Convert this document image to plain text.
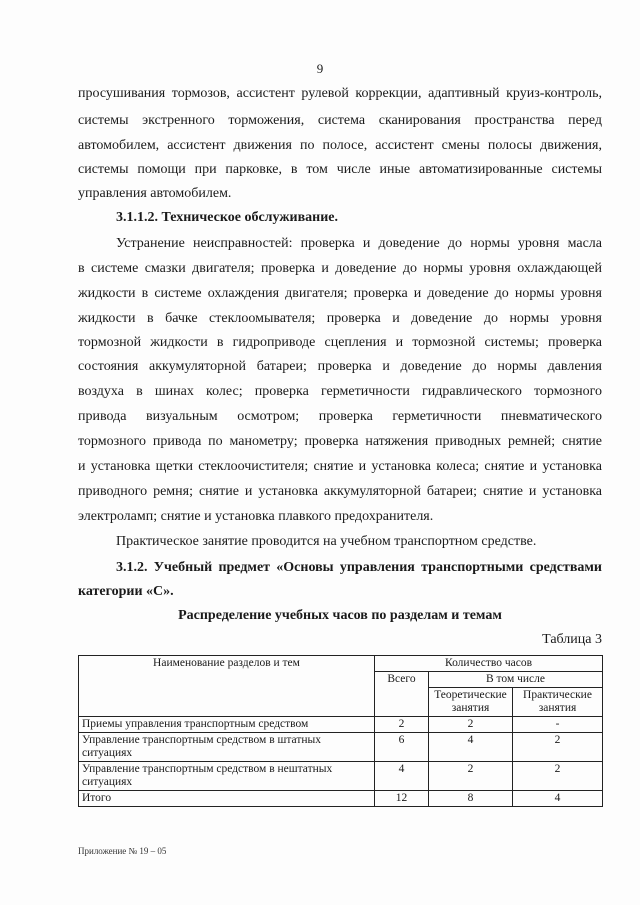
9
просушивания тормозов, ассистент рулевой коррекции, адаптивный круиз-контроль,
системы экстренного торможения, система сканирования пространства перед
автомобилем, ассистент движения по полосе, ассистент смены полосы движения,
системы помощи при парковке, в том числе иные автоматизированные системы
управления автомобилем.
3.1.1.2. Техническое обслуживание.
Устранение неисправностей: проверка и доведение до нормы уровня масла
в системе смазки двигателя; проверка и доведение до нормы уровня охлаждающей
жидкости в системе охлаждения двигателя; проверка и доведение до нормы уровня
жидкости в бачке стеклоомывателя; проверка и доведение до нормы уровня
тормозной жидкости в гидроприводе сцепления и тормозной системы; проверка
состояния аккумуляторной батареи; проверка и доведение до нормы давления
воздуха в шинах колес; проверка герметичности гидравлического тормозного
привода визуальным осмотром; проверка герметичности пневматического
тормозного привода по манометру; проверка натяжения приводных ремней; снятие
и установка щетки стеклоочистителя; снятие и установка колеса; снятие и установка
приводного ремня; снятие и установка аккумуляторной батареи; снятие и установка
электроламп; снятие и установка плавкого предохранителя.
Практическое занятие проводится на учебном транспортном средстве.
3.1.2. Учебный предмет «Основы управления транспортными средствами
категории «С».
Распределение учебных часов по разделам и темам
Таблица 3
Наименование разделов и тем	Количество часов		
	Всего	В том числе	
		Теоретические занятия	Практические занятия
Приемы управления транспортным средством	2	2	-
Управление транспортным средством в штатных ситуациях	6	4	2
Управление транспортным средством в нештатных ситуациях	4	2	2
Итого	12	8	4
Приложение № 19 – 05
